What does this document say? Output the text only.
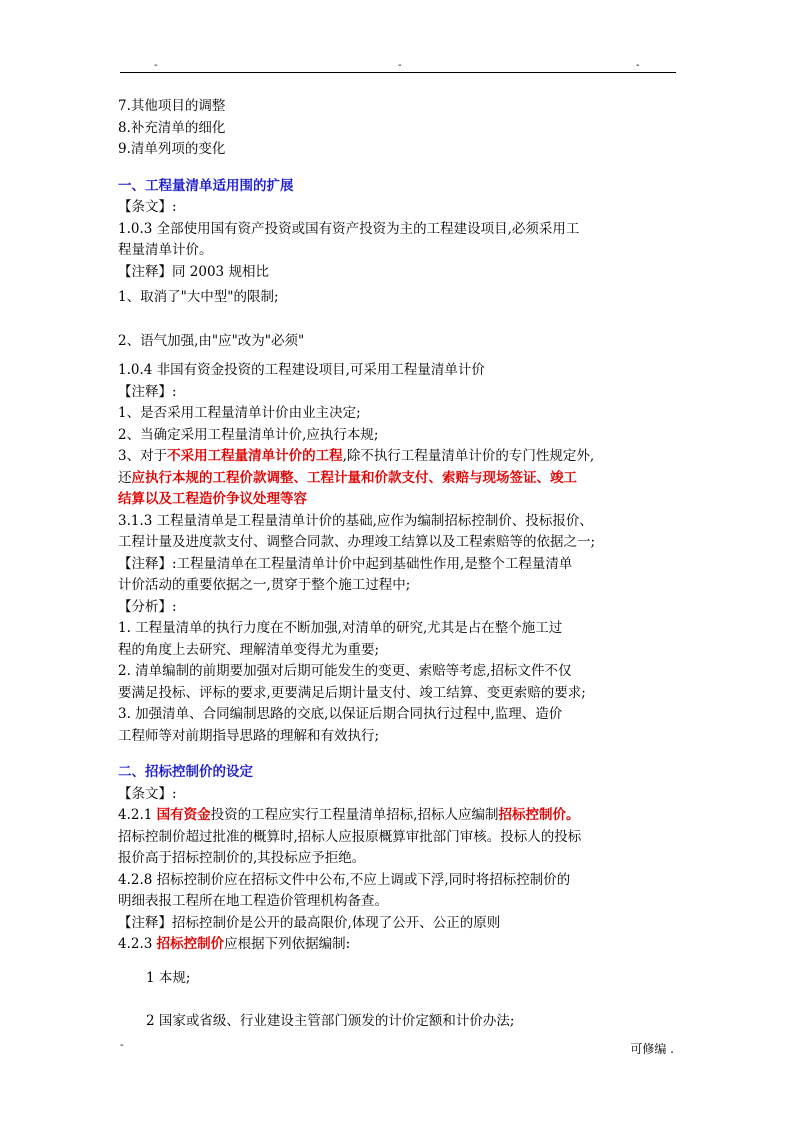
-	-	-

7.其他项目的调整

8.补充清单的细化

9.清单列项的变化

一、工程量清单适用围的扩展

【条文】:

1.0.3 全部使用国有资产投资或国有资产投资为主的工程建设项目,必须采用工

程量清单计价。

【注释】同 2003 规相比

1、取消了"大中型"的限制;

2、语气加强,由"应"改为"必须"

1.0.4 非国有资金投资的工程建设项目,可采用工程量清单计价

【注释】:

1、是否采用工程量清单计价由业主决定;

2、当确定采用工程量清单计价,应执行本规;

3、对于不采用工程量清单计价的工程,除不执行工程量清单计价的专门性规定外,

还应执行本规的工程价款调整、工程计量和价款支付、索赔与现场签证、竣工

结算以及工程造价争议处理等容

3.1.3 工程量清单是工程量清单计价的基础,应作为编制招标控制价、投标报价、

工程计量及进度款支付、调整合同款、办理竣工结算以及工程索赔等的依据之一;

【注释】:工程量清单在工程量清单计价中起到基础性作用,是整个工程量清单

计价活动的重要依据之一,贯穿于整个施工过程中;

【分析】:

1. 工程量清单的执行力度在不断加强,对清单的研究,尤其是占在整个施工过

程的角度上去研究、理解清单变得尤为重要;

2. 清单编制的前期要加强对后期可能发生的变更、索赔等考虑,招标文件不仅

要满足投标、评标的要求,更要满足后期计量支付、竣工结算、变更索赔的要求;

3. 加强清单、合同编制思路的交底,以保证后期合同执行过程中,监理、造价

工程师等对前期指导思路的理解和有效执行;

二、招标控制价的设定

【条文】:

4.2.1 国有资金投资的工程应实行工程量清单招标,招标人应编制招标控制价。

招标控制价超过批准的概算时,招标人应报原概算审批部门审核。投标人的投标

报价高于招标控制价的,其投标应予拒绝。

4.2.8 招标控制价应在招标文件中公布,不应上调或下浮,同时将招标控制价的

明细表报工程所在地工程造价管理机构备查。

【注释】招标控制价是公开的最高限价,体现了公开、公正的原则

4.2.3 招标控制价应根据下列依据编制:

1 本规;

2 国家或省级、行业建设主管部门颁发的计价定额和计价办法;

-	可修编 .
